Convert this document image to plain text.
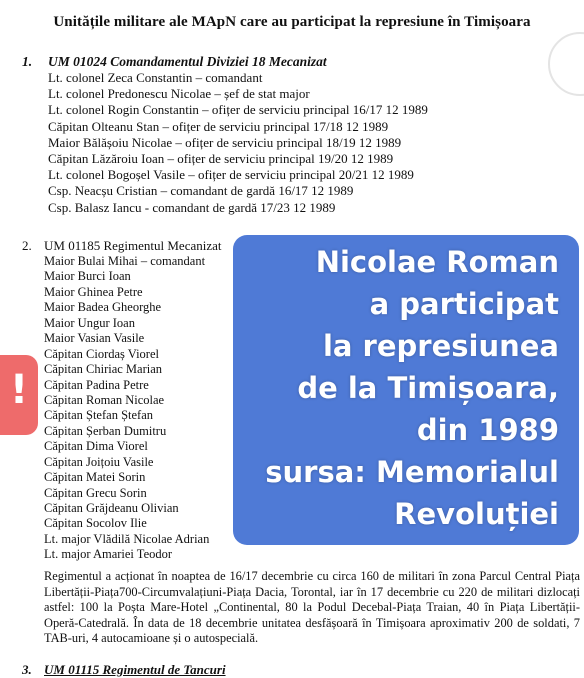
Unitățile militare ale MApN care au participat la represiune în Timișoara
1. UM 01024 Comandamentul Diviziei 18 Mecanizat
Lt. colonel Zeca Constantin – comandant
Lt. colonel Predonescu Nicolae – șef de stat major
Lt. colonel Rogin Constantin – ofițer de serviciu principal 16/17 12 1989
Căpitan Olteanu Stan – ofițer de serviciu principal 17/18 12 1989
Maior Bălășoiu Nicolae – ofițer de serviciu principal 18/19 12 1989
Căpitan Lăzăroiu Ioan – ofițer de serviciu principal 19/20 12 1989
Lt. colonel Bogoșel Vasile – ofițer de serviciu principal 20/21 12 1989
Csp. Neacșu Cristian – comandant de gardă 16/17 12 1989
Csp. Balasz Iancu - comandant de gardă 17/23 12 1989
2. UM 01185 Regimentul Mecanizat
Maior Bulai Mihai – comandant
Maior Burci Ioan
Maior Ghinea Petre
Maior Badea Gheorghe
Maior Ungur Ioan
Maior Vasian Vasile
Căpitan Ciordaș Viorel
Căpitan Chiriac Marian
Căpitan Padina Petre
Căpitan Roman Nicolae
Căpitan Ștefan Ștefan
Căpitan Șerban Dumitru
Căpitan Dima Viorel
Căpitan Joițoiu Vasile
Căpitan Matei Sorin
Căpitan Grecu Sorin
Căpitan Grăjdeanu Olivian
Căpitan Socolov Ilie
Lt. major Vlădilă Nicolae Adrian
Lt. major Amariei Teodor
Regimentul a acționat în noaptea de 16/17 decembrie cu circa 160 de militari în zona Parcul Central Piața Libertății-Piața700-Circumvalațiuni-Piața Dacia, Torontal, iar în 17 decembrie cu 220 de militari dizlocați astfel: 100 la Poșta Mare-Hotel „Continental, 80 la Podul Decebal-Piața Traian, 40 în Piața Libertății-Operă-Catedrală. În data de 18 decembrie unitatea desfășoară în Timișoara aproximativ 200 de soldati, 7 TAB-uri, 4 autocamioane și o autospecială.
3. UM 01115 Regimentul de Tancuri
Nicolae Roman
a participat
la represiunea
de la Timișoara,
din 1989
sursa: Memorialul
Revoluției
!
